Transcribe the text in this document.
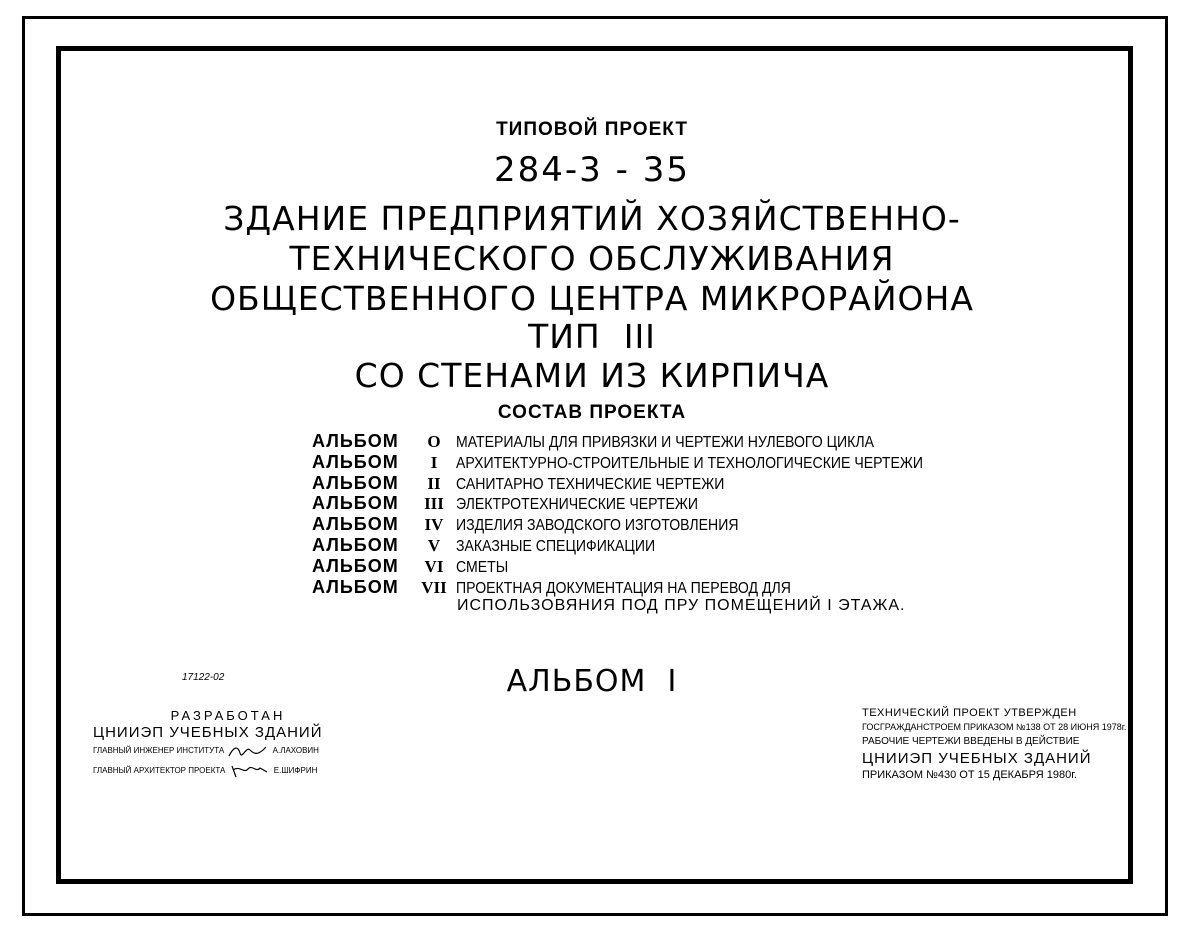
ТИПОВОЙ ПРОЕКТ
284-3 - 35
ЗДАНИЕ ПРЕДПРИЯТИЙ ХОЗЯЙСТВЕННО-
ТЕХНИЧЕСКОГО ОБСЛУЖИВАНИЯ
ОБЩЕСТВЕННОГО ЦЕНТРА МИКРОРАЙОНА
ТИП  III
СО СТЕНАМИ ИЗ КИРПИЧА
СОСТАВ ПРОЕКТА
АЛЬБОМ О МАТЕРИАЛЫ ДЛЯ ПРИВЯЗКИ И ЧЕРТЕЖИ НУЛЕВОГО ЦИКЛА
АЛЬБОМ I АРХИТЕКТУРНО-СТРОИТЕЛЬНЫЕ И ТЕХНОЛОГИЧЕСКИЕ ЧЕРТЕЖИ
АЛЬБОМ II САНИТАРНО ТЕХНИЧЕСКИЕ ЧЕРТЕЖИ
АЛЬБОМ III ЭЛЕКТРОТЕХНИЧЕСКИЕ ЧЕРТЕЖИ
АЛЬБОМ IV ИЗДЕЛИЯ ЗАВОДСКОГО ИЗГОТОВЛЕНИЯ
АЛЬБОМ V ЗАКАЗНЫЕ СПЕЦИФИКАЦИИ
АЛЬБОМ VI СМЕТЫ
АЛЬБОМ VII ПРОЕКТНАЯ ДОКУМЕНТАЦИЯ НА ПЕРЕВОД ДЛЯ
ИСПОЛЬЗОВЯНИЯ ПОД ПРУ ПОМЕЩЕНИЙ I ЭТАЖА.
17122-02	АЛЬБОМ  I
РАЗРАБОТАН
ЦНИИЭП УЧЕБНЫХ ЗДАНИЙ
ГЛАВНЫЙ ИНЖЕНЕР ИНСТИТУТА	А.ЛАХОВИН
ГЛАВНЫЙ АРХИТЕКТОР ПРОЕКТА	Е.ШИФРИН
ТЕХНИЧЕСКИЙ ПРОЕКТ УТВЕРЖДЕН
ГОСГРАЖДАНСТРОЕМ ПРИКАЗОМ №138 ОТ 28 ИЮНЯ 1978г.
РАБОЧИЕ ЧЕРТЕЖИ ВВЕДЕНЫ В ДЕЙСТВИЕ
ЦНИИЭП УЧЕБНЫХ ЗДАНИЙ
ПРИКАЗОМ №430 ОТ 15 ДЕКАБРЯ 1980г.
